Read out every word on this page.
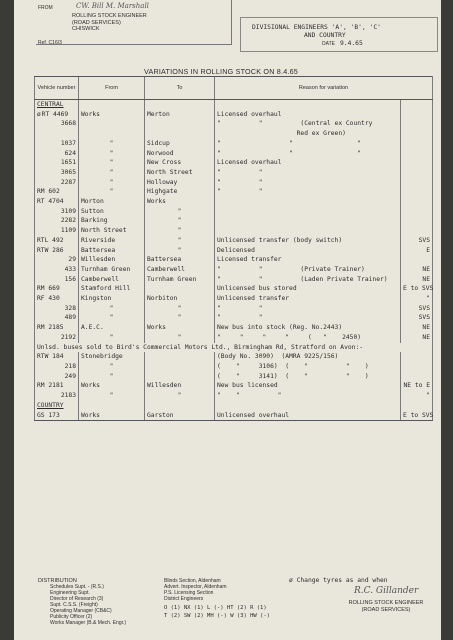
FROM
ROLLING STOCK ENGINEER
(ROAD SERVICES)
CHISWICK
CW. Bill M. Marshall
Ref. C16/3
DIVISIONAL ENGINEERS 'A', 'B', 'C'
AND COUNTRY
DATE 9.4.65
VARIATIONS IN ROLLING STOCK ON 8.4.65
Vehicle number	From	To	Reason for variation	
CENTRAL				
øRT 4469	Works	Merton	Licensed overhaul	
3668			"          "          (Central ex Country	
			Red ex Green)	
1037	"	Sidcup	"                  "                 "	
624	"	Norwood	"                  "                 "	
1651	"	New Cross	Licensed overhaul	
3065	"	North Street	"          "	
2287	"	Holloway	"          "	
RM 602	"	Highgate	"          "	
RT 4704	Morton	Works		
3109	Sutton	"		
2282	Barking	"		
1109	North Street	"		
RTL 492	Riverside	"	Unlicensed transfer (body switch)	SVS
RTW 286	Battersea	"	Delicensed	E
29	Willesden	Battersea	Licensed transfer	
433	Turnham Green	Camberwell	"          "          (Private Trainer)	NE
156	Camberwell	Turnham Green	"          "          (Laden Private Trainer)	NE
RM 669	Stamford Hill		Unlicensed bus stored	E to SVS
RF 430	Kingston	Norbiton	Unlicensed transfer	"
328	"	"	"          "	SVS
489	"	"	"          "	SVS
RM 2185	A.E.C.	Works	New bus into stock (Reg. No.2443)	NE
2192	"	"	"     "     "     "     (   "    2450)	NE
Unlsd. buses sold to Bird's Commercial Motors Ltd., Birmingham Rd, Stratford on Avon:-				
RTW 184	Stonebridge		(Body No. 3090)  (AMRA 9225/156)	
218	"		(    "     3106)  (    "          "    )	
249	"		(    "     3141)  (    "          "    )	
RM 2181	Works	Willesden	New bus licensed	NE to E
2183	"	"	"    "          "	"

COUNTRY				
GS 173	Works	Garston	Unlicensed overhaul	E to SVS

DISTRIBUTION
Schedules Supt. - (R.S.)
Engineering Supt.
Director of Research (3)
Supt. C.S.S. (Freight)
Operating Manager (CB&C)
Publicity Officer (2)
Works Manager (B.& Mech. Engr.)
Blinds Section, Aldenham
Advert. Inspector, Aldenham
P.S. Licensing Section
District Engineers
O (1) NX (1) L (-) HT (2) R (1)
T (2) SW (2) MH (-) W (3) HW (-)
ø Change tyres as and when
R.C. Gillander
ROLLING STOCK ENGINEER
(ROAD SERVICES)
